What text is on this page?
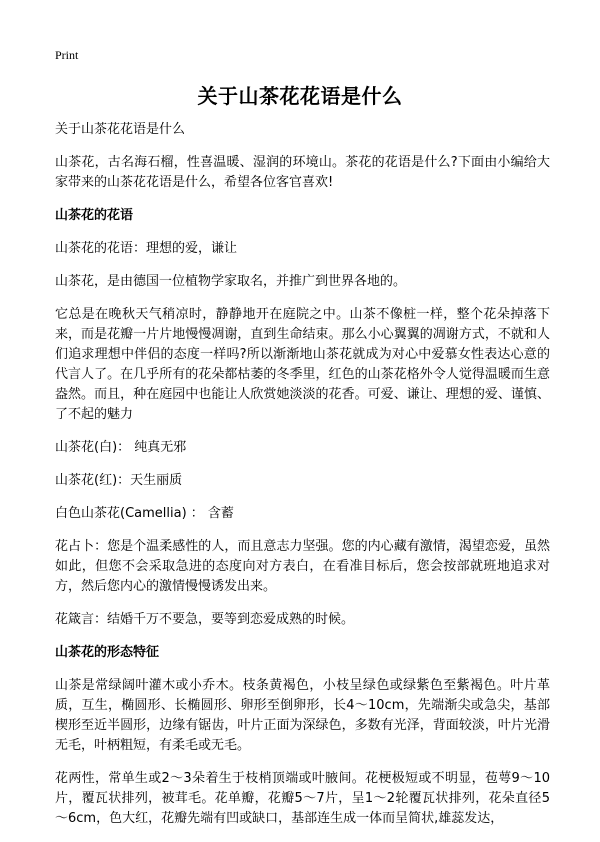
Print
关于山茶花花语是什么

关于山茶花花语是什么

山茶花，古名海石榴，性喜温暖、湿润的环境山。茶花的花语是什么?下面由小编给大家带来的山茶花花语是什么，希望各位客官喜欢!

山茶花的花语

山茶花的花语：理想的爱，谦让

山茶花，是由德国一位植物学家取名，并推广到世界各地的。

它总是在晚秋天气稍凉时，静静地开在庭院之中。山茶不像桩一样，整个花朵掉落下来，而是花瓣一片片地慢慢凋谢，直到生命结束。那么小心翼翼的凋谢方式，不就和人们追求理想中伴侣的态度一样吗?所以渐渐地山茶花就成为对心中爱慕女性表达心意的代言人了。在几乎所有的花朵都枯萎的冬季里，红色的山茶花格外令人觉得温暖而生意盎然。而且，种在庭园中也能让人欣赏她淡淡的花香。可爱、谦让、理想的爱、谨慎、了不起的魅力

山茶花(白)： 纯真无邪

山茶花(红)：天生丽质

白色山茶花(Camellia) ： 含蓄

花占卜：您是个温柔感性的人，而且意志力坚强。您的内心藏有激情，渴望恋爱，虽然如此，但您不会采取急进的态度向对方表白，在看准目标后，您会按部就班地追求对方，然后您内心的激情慢慢诱发出来。

花箴言：结婚千万不要急，要等到恋爱成熟的时候。

山茶花的形态特征

山茶是常绿阔叶灌木或小乔木。枝条黄褐色，小枝呈绿色或绿紫色至紫褐色。叶片革质，互生，椭圆形、长椭圆形、卵形至倒卵形，长4～10cm，先端渐尖或急尖，基部楔形至近半圆形，边缘有锯齿，叶片正面为深绿色，多数有光泽，背面较淡，叶片光滑无毛，叶柄粗短，有柔毛或无毛。

花两性，常单生或2～3朵着生于枝梢顶端或叶腋间。花梗极短或不明显，苞萼9～10片，覆瓦状排列，被茸毛。花单瓣，花瓣5～7片，呈1～2轮覆瓦状排列，花朵直径5～6cm，色大红，花瓣先端有凹或缺口，基部连生成一体而呈简状,雄蕊发达，
